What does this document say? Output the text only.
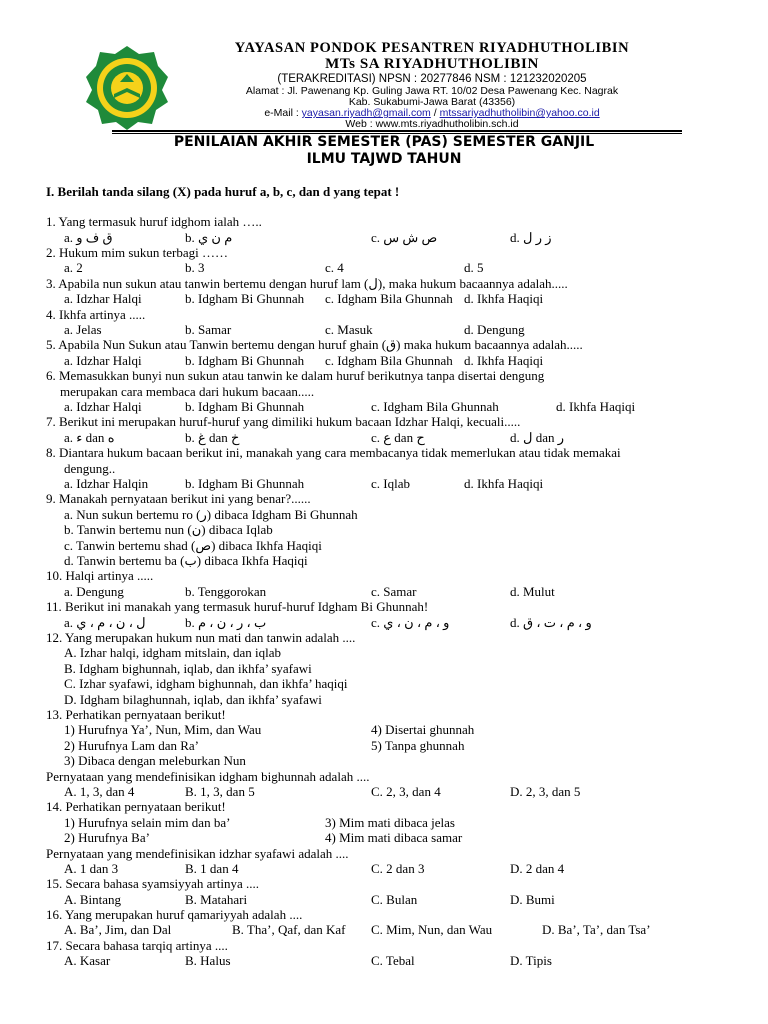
YAYASAN PONDOK PESANTREN RIYADHUTHOLIBIN
MTs SA RIYADHUTHOLIBIN
(TERAKREDITASI) NPSN : 20277846 NSM : 121232020205
Alamat : Jl. Pawenang Kp. Guling Jawa RT. 10/02 Desa Pawenang Kec. Nagrak
Kab. Sukabumi-Jawa Barat (43356)
e-Mail : yayasan.riyadh@gmail.com / mtssariyadhutholibin@yahoo.co.id
Web : www.mts.riyadhutholibin.sch.id
PENILAIAN AKHIR SEMESTER (PAS) SEMESTER GANJIL
ILMU TAJWD TAHUN
I. Berilah tanda silang (X) pada huruf a, b, c, dan d yang tepat !
1. Yang termasuk huruf idghom ialah …..
a. ق ف و	b. م ن ي	c. ص ش س	d. ز ر ل
2. Hukum mim sukun terbagi ……
a. 2	b. 3	c. 4	d. 5
3. Apabila nun sukun atau tanwin bertemu dengan huruf lam (ل), maka hukum bacaannya adalah.....
a. Idzhar Halqi	b. Idgham Bi Ghunnah c. Idgham Bila Ghunnah d. Ikhfa Haqiqi
4. Ikhfa artinya .....
a. Jelas	b. Samar	c. Masuk	d. Dengung
5. Apabila Nun Sukun atau Tanwin bertemu dengan huruf ghain (ق) maka hukum bacaannya adalah.....
a. Idzhar Halqi	b. Idgham Bi Ghunnah c. Idgham Bila Ghunnah d. Ikhfa Haqiqi
6. Memasukkan bunyi nun sukun atau tanwin ke dalam huruf berikutnya tanpa disertai dengung
merupakan cara membaca dari hukum bacaan.....
a. Idzhar Halqi	b. Idgham Bi Ghunnah	c. Idgham Bila Ghunnah	d. Ikhfa Haqiqi
7. Berikut ini merupakan huruf-huruf yang dimiliki hukum bacaan Idzhar Halqi, kecuali.....
a. ء dan ه	b. غ dan خ	c. ع dan ح	d. ل dan ر
8. Diantara hukum bacaan berikut ini, manakah yang cara membacanya tidak memerlukan atau tidak memakai
dengung..
a. Idzhar Halqin	b. Idgham Bi Ghunnah	c. Iqlab	d. Ikhfa Haqiqi
9. Manakah pernyataan berikut ini yang benar?......
a. Nun sukun bertemu ro (ر) dibaca Idgham Bi Ghunnah
b. Tanwin bertemu nun (ن) dibaca Iqlab
c. Tanwin bertemu shad (ص) dibaca Ikhfa Haqiqi
d. Tanwin bertemu ba (ب) dibaca Ikhfa Haqiqi
10. Halqi artinya .....
a. Dengung	b. Tenggorokan	c. Samar	d. Mulut
11. Berikut ini manakah yang termasuk huruf-huruf Idgham Bi Ghunnah!
a. ل ، ن ، م ، ي	b. ب ، ر ، ن ، م	c. و ، م ، ن ، ي	d. و ، م ، ت ، ق
12. Yang merupakan hukum nun mati dan tanwin adalah ....
A. Izhar halqi, idgham mitslain, dan iqlab
B. Idgham bighunnah, iqlab, dan ikhfa’ syafawi
C. Izhar syafawi, idgham bighunnah, dan ikhfa’ haqiqi
D. Idgham bilaghunnah, iqlab, dan ikhfa’ syafawi
13. Perhatikan pernyataan berikut!
1) Hurufnya Ya’, Nun, Mim, dan Wau	4) Disertai ghunnah
2) Hurufnya Lam dan Ra’	5) Tanpa ghunnah
3) Dibaca dengan meleburkan Nun
Pernyataan yang mendefinisikan idgham bighunnah adalah ....
A. 1, 3, dan 4	B. 1, 3, dan 5	C. 2, 3, dan 4	D. 2, 3, dan 5
14. Perhatikan pernyataan berikut!
1) Hurufnya selain mim dan ba’	3) Mim mati dibaca jelas
2) Hurufnya Ba’	4) Mim mati dibaca samar
Pernyataan yang mendefinisikan idzhar syafawi adalah ....
A. 1 dan 3	B. 1 dan 4	C. 2 dan 3	D. 2 dan 4
15. Secara bahasa syamsiyyah artinya ....
A. Bintang	B. Matahari	C. Bulan	D. Bumi
16. Yang merupakan huruf qamariyyah adalah ....
A. Ba’, Jim, dan Dal	B. Tha’, Qaf, dan Kaf C. Mim, Nun, dan Wau	D. Ba’, Ta’, dan Tsa’
17. Secara bahasa tarqiq artinya ....
A. Kasar	B. Halus	C. Tebal	D. Tipis
